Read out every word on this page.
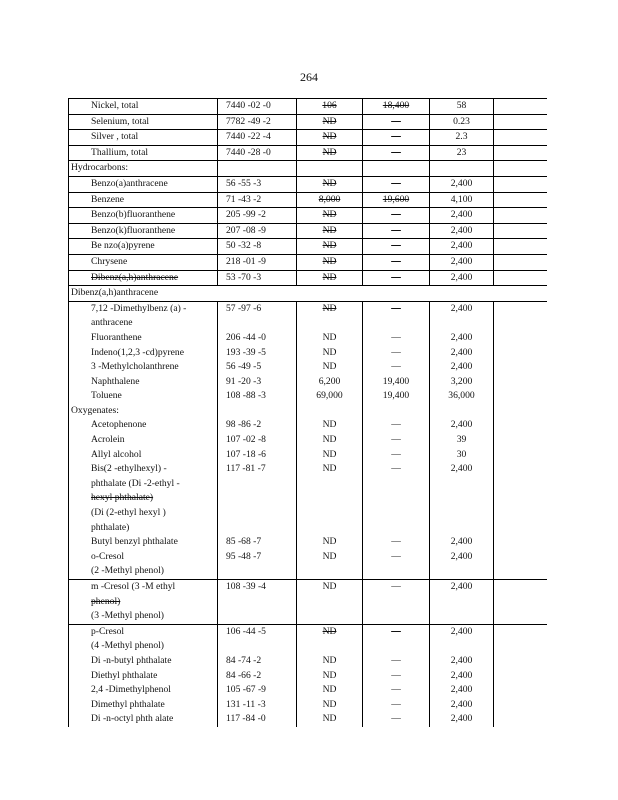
264
Nickel, total	7440 -02 -0	106	18,400	58	
Selenium, total	7782 -49 -2	ND	—	0.23	
Silver , total	7440 -22 -4	ND	—	2.3	
Thallium, total	7440 -28 -0	ND	—	23	
Hydrocarbons:					
Benzo(a)anthracene	56 -55 -3	ND	—	2,400	
Benzene	71 -43 -2	8,000	19,600	4,100	
Benzo(b)fluoranthene	205 -99 -2	ND	—	2,400	
Benzo(k)fluoranthene	207 -08 -9	ND	—	2,400	
Be nzo(a)pyrene	50 -32 -8	ND	—	2,400	
Chrysene	218 -01 -9	ND	—	2,400	

Dibenz(a,h)anthracene	53 -70 -3	ND	—	2,400	
Dibenz(a,h)anthracene					

7,12 -Dimethylbenz (a) -
anthracene	57 -97 -6	ND	—	2,400	
Fluoranthene	206 -44 -0	ND	—	2,400	
Indeno(1,2,3 -cd)pyrene	193 -39 -5	ND	—	2,400	
3 -Methylcholanthrene	56 -49 -5	ND	—	2,400	
Naphthalene	91 -20 -3	6,200	19,400	3,200	
Toluene	108 -88 -3	69,000	19,400	36,000	
Oxygenates:					
Acetophenone	98 -86 -2	ND	—	2,400	
Acrolein	107 -02 -8	ND	—	39	
Allyl alcohol	107 -18 -6	ND	—	30	

Bis(2 -ethylhexyl) -
phthalate (Di -2-ethyl -
hexyl phthalate)
(Di (2-ethyl hexyl )
phthalate)	117 -81 -7	ND	—	2,400	
Butyl benzyl phthalate	85 -68 -7	ND	—	2,400	

o-Cresol
(2 -Methyl phenol)	95 -48 -7	ND	—	2,400	

m -Cresol (3 -M ethyl
phenol)
(3 -Methyl phenol)	108 -39 -4	ND	—	2,400	

p-Cresol
(4 -Methyl phenol)	106 -44 -5	ND	—	2,400	
Di -n-butyl phthalate	84 -74 -2	ND	—	2,400	
Diethyl phthalate	84 -66 -2	ND	—	2,400	
2,4 -Dimethylphenol	105 -67 -9	ND	—	2,400	
Dimethyl phthalate	131 -11 -3	ND	—	2,400	
Di -n-octyl phth alate	117 -84 -0	ND	—	2,400	
